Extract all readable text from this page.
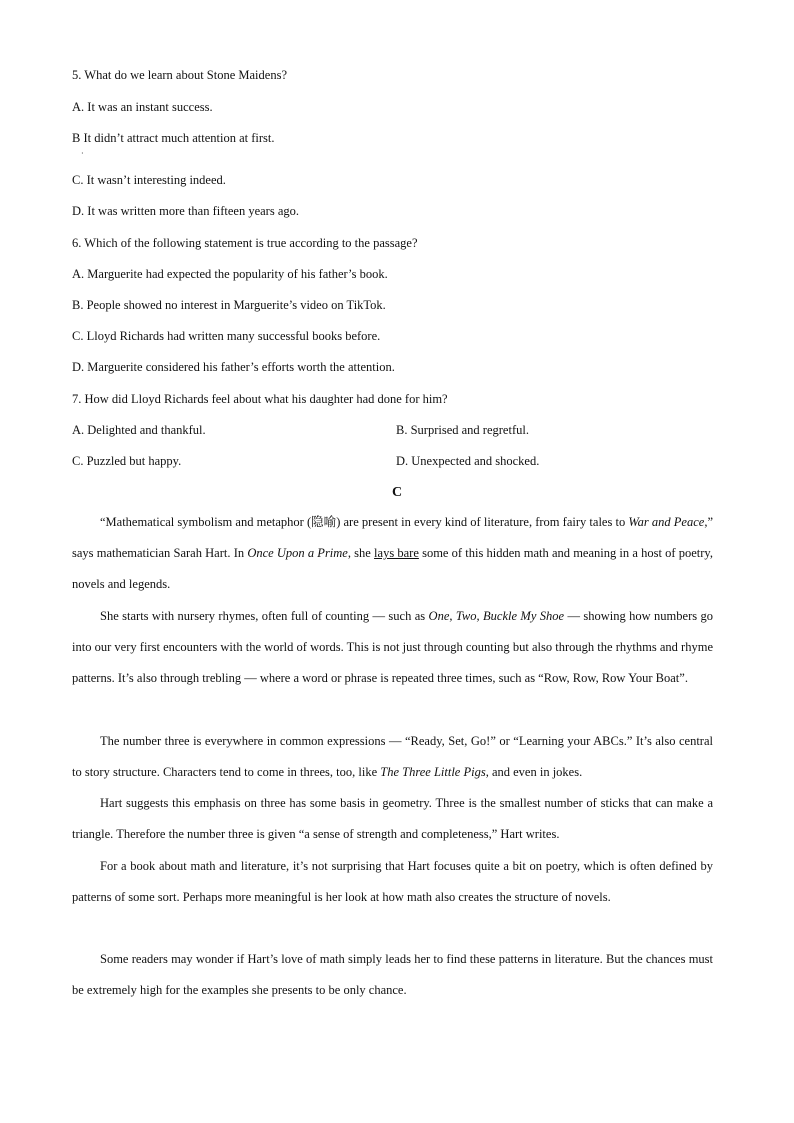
5. What do we learn about Stone Maidens?
A. It was an instant success.
B It didn’t attract much attention at first.
·
C. It wasn’t interesting indeed.
D. It was written more than fifteen years ago.
6. Which of the following statement is true according to the passage?
A. Marguerite had expected the popularity of his father’s book.
B. People showed no interest in Marguerite’s video on TikTok.
C. Lloyd Richards had written many successful books before.
D. Marguerite considered his father’s efforts worth the attention.
7. How did Lloyd Richards feel about what his daughter had done for him?
A. Delighted and thankful.	B. Surprised and regretful.
C. Puzzled but happy.	D. Unexpected and shocked.
C
“Mathematical symbolism and metaphor (隐喻) are present in every kind of literature, from fairy tales to War and Peace,” says mathematician Sarah Hart. In Once Upon a Prime, she lays bare some of this hidden math and meaning in a host of poetry, novels and legends.
She starts with nursery rhymes, often full of counting — such as One, Two, Buckle My Shoe — showing how numbers go into our very first encounters with the world of words. This is not just through counting but also through the rhythms and rhyme patterns. It’s also through trebling — where a word or phrase is repeated three times, such as “Row, Row, Row Your Boat”.
The number three is everywhere in common expressions — “Ready, Set, Go!” or “Learning your ABCs.” It’s also central to story structure. Characters tend to come in threes, too, like The Three Little Pigs, and even in jokes.
Hart suggests this emphasis on three has some basis in geometry. Three is the smallest number of sticks that can make a triangle. Therefore the number three is given “a sense of strength and completeness,” Hart writes.
For a book about math and literature, it’s not surprising that Hart focuses quite a bit on poetry, which is often defined by patterns of some sort. Perhaps more meaningful is her look at how math also creates the structure of novels.
Some readers may wonder if Hart’s love of math simply leads her to find these patterns in literature. But the chances must be extremely high for the examples she presents to be only chance.
